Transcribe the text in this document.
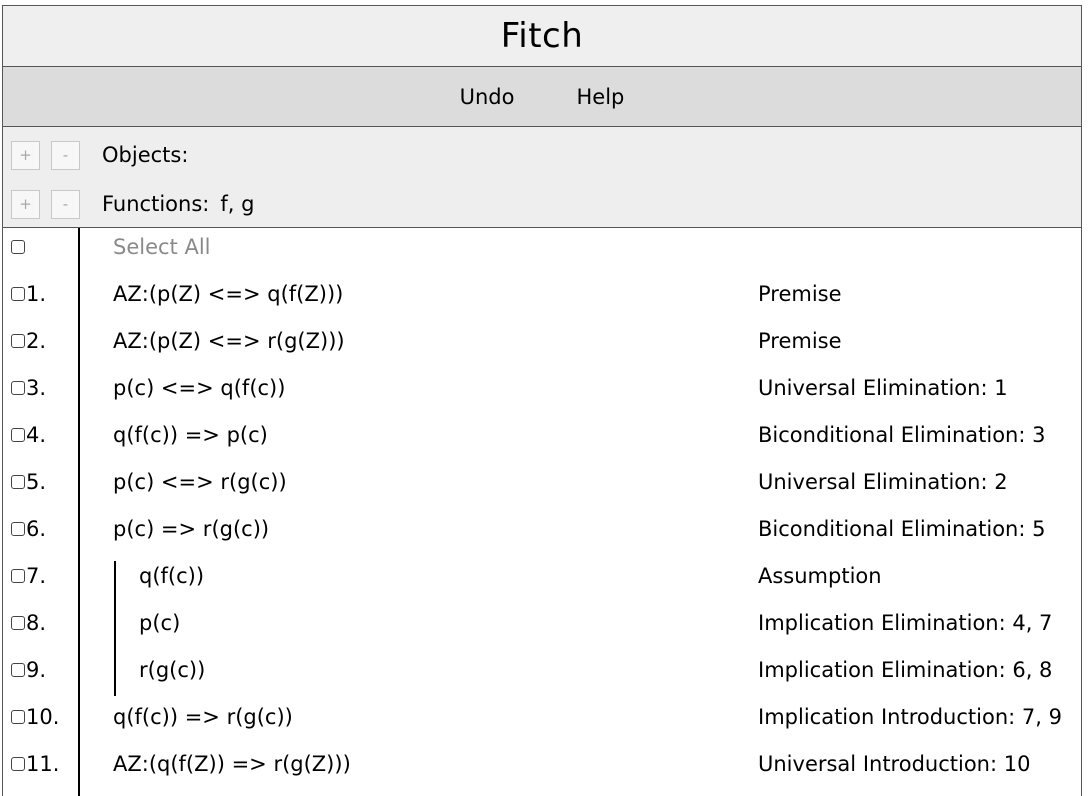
Fitch
Undo	Help
+	-	Objects:
+	-	Functions: f, g
Select All
1.	AZ:(p(Z) <=> q(f(Z)))	Premise
2.	AZ:(p(Z) <=> r(g(Z)))	Premise
3.	p(c) <=> q(f(c))	Universal Elimination: 1
4.	q(f(c)) => p(c)	Biconditional Elimination: 3
5.	p(c) <=> r(g(c))	Universal Elimination: 2
6.	p(c) => r(g(c))	Biconditional Elimination: 5
7.	q(f(c))	Assumption
8.	p(c)	Implication Elimination: 4, 7
9.	r(g(c))	Implication Elimination: 6, 8
10.	q(f(c)) => r(g(c))	Implication Introduction: 7, 9
11.	AZ:(q(f(Z)) => r(g(Z)))	Universal Introduction: 10
